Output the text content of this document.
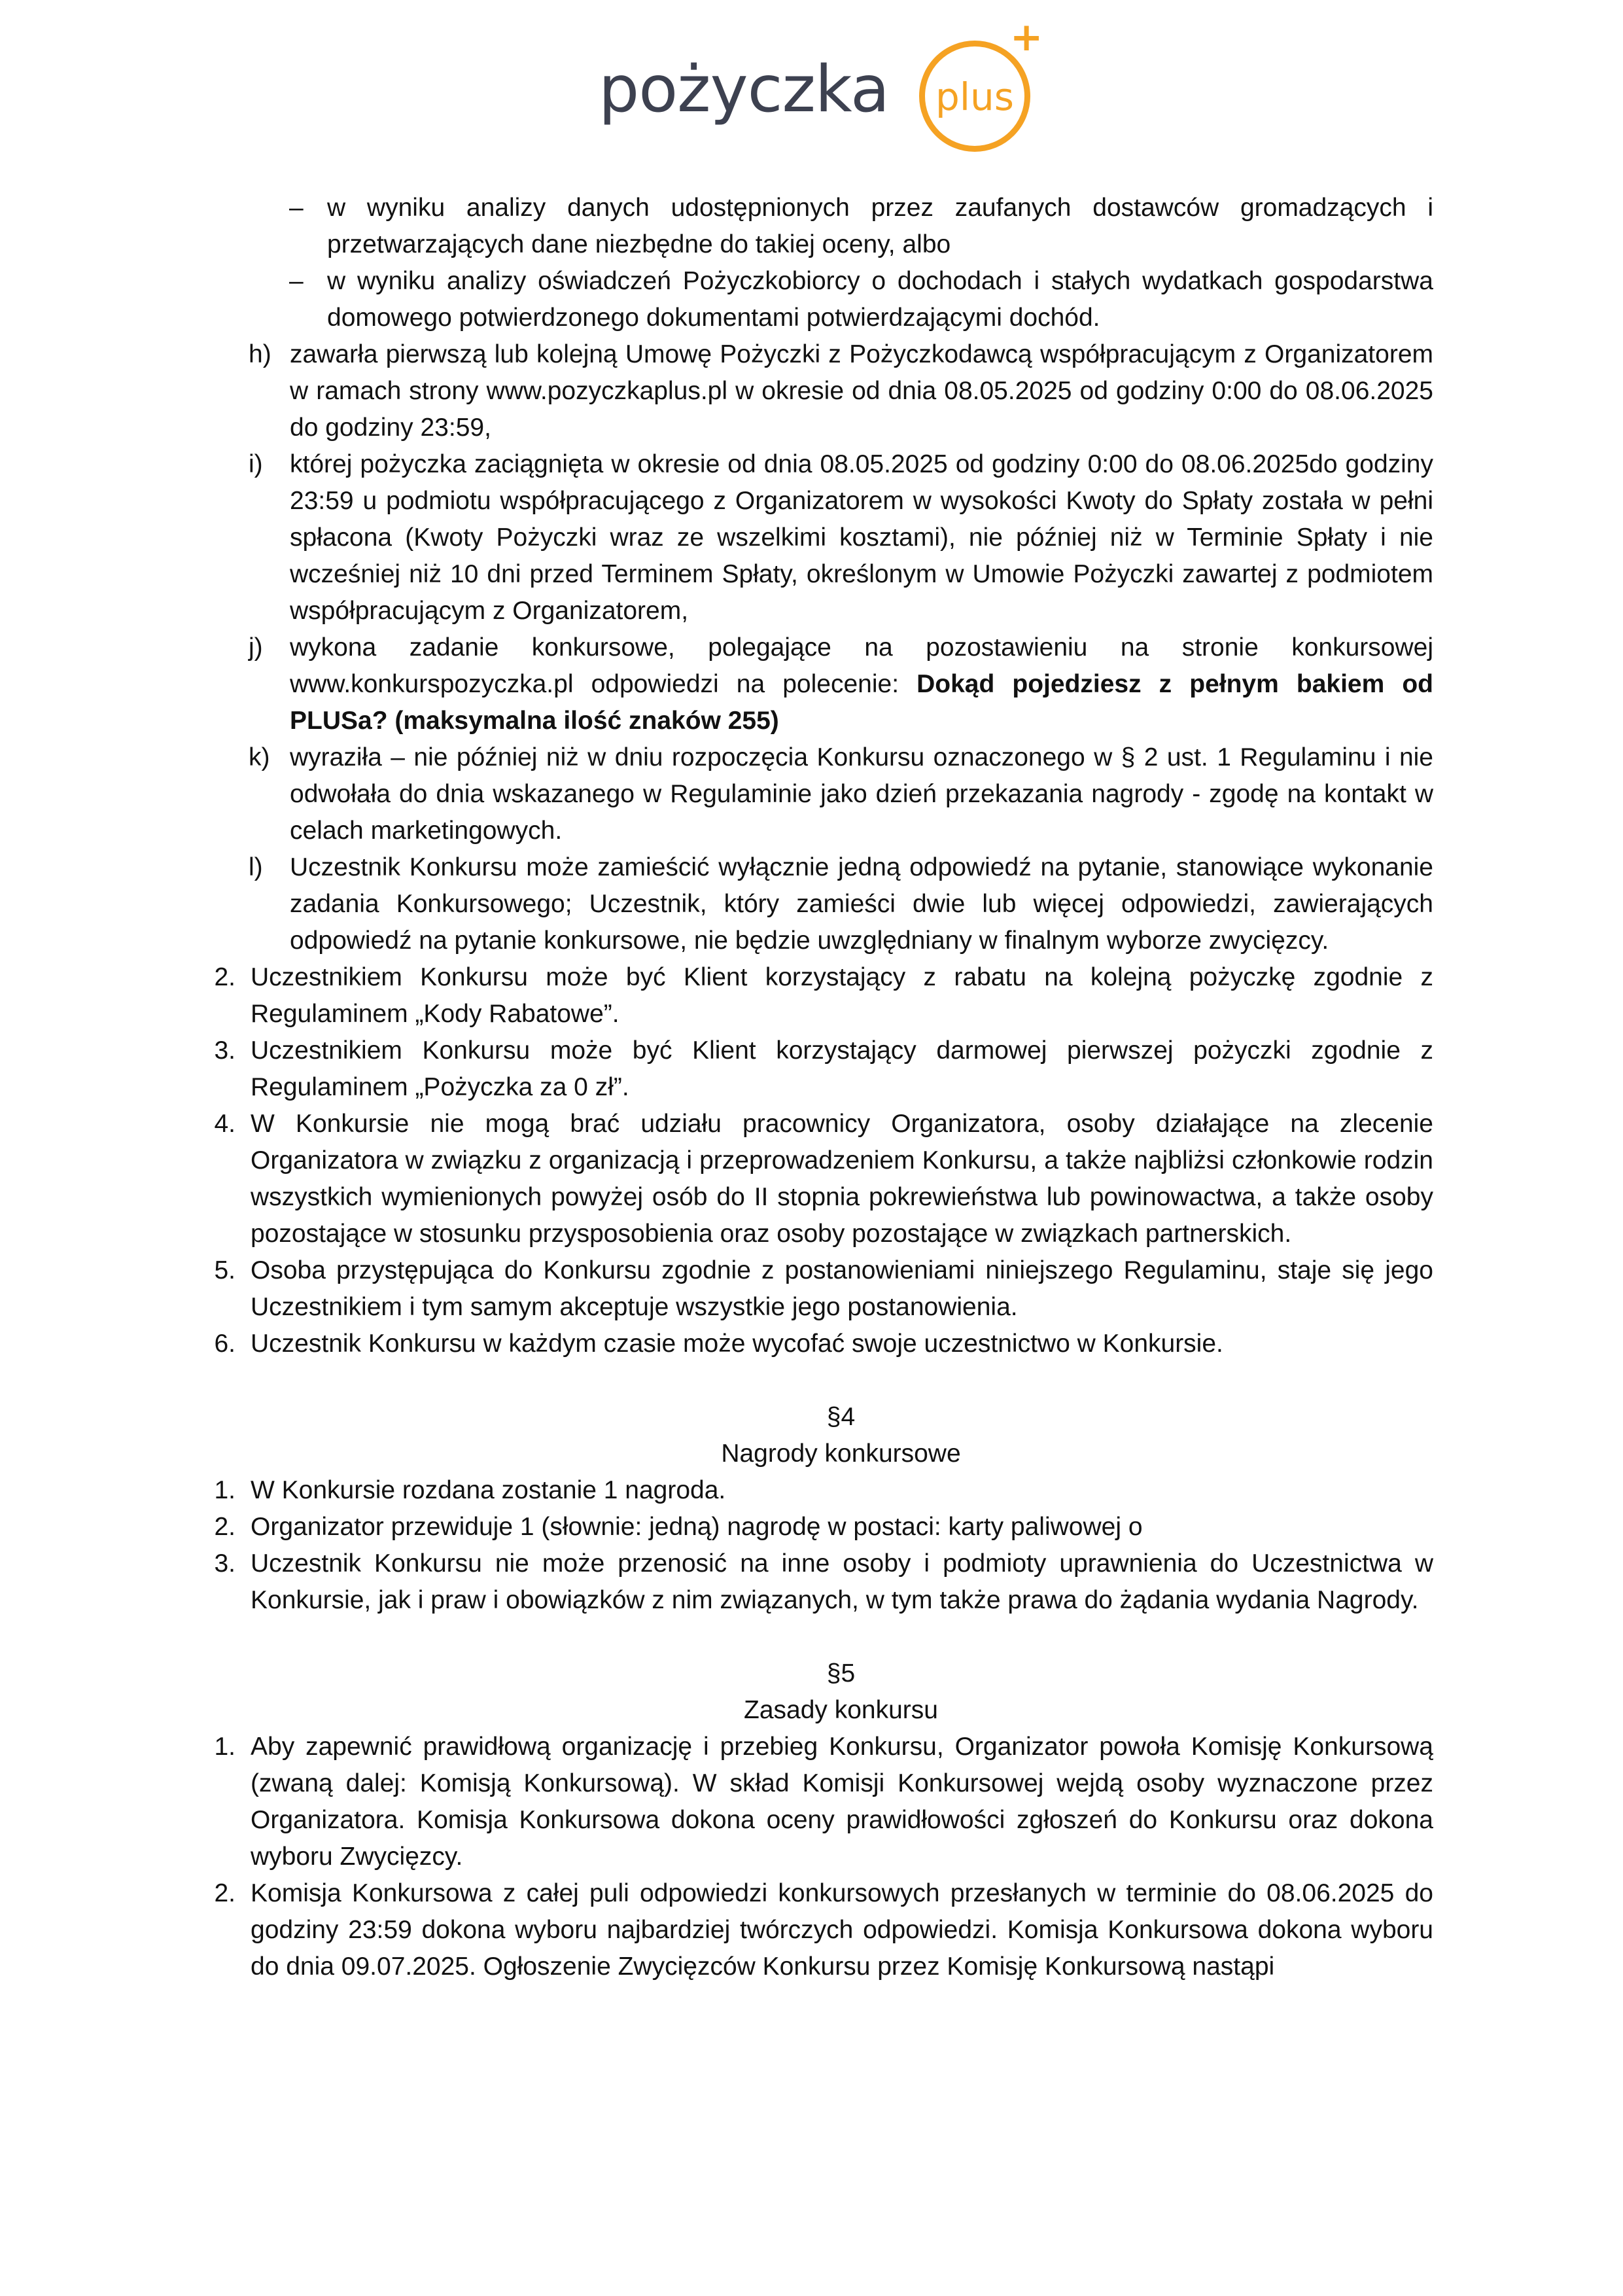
pożyczka
+
plus
– w wyniku analizy danych udostępnionych przez zaufanych dostawców gromadzących i przetwarzających dane niezbędne do takiej oceny, albo
– w wyniku analizy oświadczeń Pożyczkobiorcy o dochodach i stałych wydatkach gospodarstwa domowego potwierdzonego dokumentami potwierdzającymi dochód.
h) zawarła pierwszą lub kolejną Umowę Pożyczki z Pożyczkodawcą współpracującym z Organizatorem w ramach strony www.pozyczkaplus.pl w okresie od dnia 08.05.2025 od godziny 0:00 do 08.06.2025 do godziny 23:59,
i) której pożyczka zaciągnięta w okresie od dnia 08.05.2025 od godziny 0:00 do 08.06.2025do godziny 23:59 u podmiotu współpracującego z Organizatorem w wysokości Kwoty do Spłaty została w pełni spłacona (Kwoty Pożyczki wraz ze wszelkimi kosztami), nie później niż w Terminie Spłaty i nie wcześniej niż 10 dni przed Terminem Spłaty, określonym w Umowie Pożyczki zawartej z podmiotem współpracującym z Organizatorem,
j) wykona zadanie konkursowe, polegające na pozostawieniu na stronie konkursowej www.konkurspozyczka.pl odpowiedzi na polecenie: Dokąd pojedziesz z pełnym bakiem od PLUSa? (maksymalna ilość znaków 255)
k) wyraziła – nie później niż w dniu rozpoczęcia Konkursu oznaczonego w § 2 ust. 1 Regulaminu i nie odwołała do dnia wskazanego w Regulaminie jako dzień przekazania nagrody - zgodę na kontakt w celach marketingowych.
l) Uczestnik Konkursu może zamieścić wyłącznie jedną odpowiedź na pytanie, stanowiące wykonanie zadania Konkursowego; Uczestnik, który zamieści dwie lub więcej odpowiedzi, zawierających odpowiedź na pytanie konkursowe, nie będzie uwzględniany w finalnym wyborze zwycięzcy.
2. Uczestnikiem Konkursu może być Klient korzystający z rabatu na kolejną pożyczkę zgodnie z Regulaminem „Kody Rabatowe”.
3. Uczestnikiem Konkursu może być Klient korzystający darmowej pierwszej pożyczki zgodnie z Regulaminem „Pożyczka za 0 zł”.
4. W Konkursie nie mogą brać udziału pracownicy Organizatora, osoby działające na zlecenie Organizatora w związku z organizacją i przeprowadzeniem Konkursu, a także najbliżsi członkowie rodzin wszystkich wymienionych powyżej osób do II stopnia pokrewieństwa lub powinowactwa, a także osoby pozostające w stosunku przysposobienia oraz osoby pozostające w związkach partnerskich.
5. Osoba przystępująca do Konkursu zgodnie z postanowieniami niniejszego Regulaminu, staje się jego Uczestnikiem i tym samym akceptuje wszystkie jego postanowienia.
6. Uczestnik Konkursu w każdym czasie może wycofać swoje uczestnictwo w Konkursie.
§4
Nagrody konkursowe
1. W Konkursie rozdana zostanie 1 nagroda.
2. Organizator przewiduje 1 (słownie: jedną) nagrodę w postaci: karty paliwowej o
3. Uczestnik Konkursu nie może przenosić na inne osoby i podmioty uprawnienia do Uczestnictwa w Konkursie, jak i praw i obowiązków z nim związanych, w tym także prawa do żądania wydania Nagrody.
§5
Zasady konkursu
1. Aby zapewnić prawidłową organizację i przebieg Konkursu, Organizator powoła Komisję Konkursową (zwaną dalej: Komisją Konkursową). W skład Komisji Konkursowej wejdą osoby wyznaczone przez Organizatora. Komisja Konkursowa dokona oceny prawidłowości zgłoszeń do Konkursu oraz dokona wyboru Zwycięzcy.
2. Komisja Konkursowa z całej puli odpowiedzi konkursowych przesłanych w terminie do 08.06.2025 do godziny 23:59 dokona wyboru najbardziej twórczych odpowiedzi. Komisja Konkursowa dokona wyboru do dnia 09.07.2025. Ogłoszenie Zwycięzców Konkursu przez Komisję Konkursową nastąpi
